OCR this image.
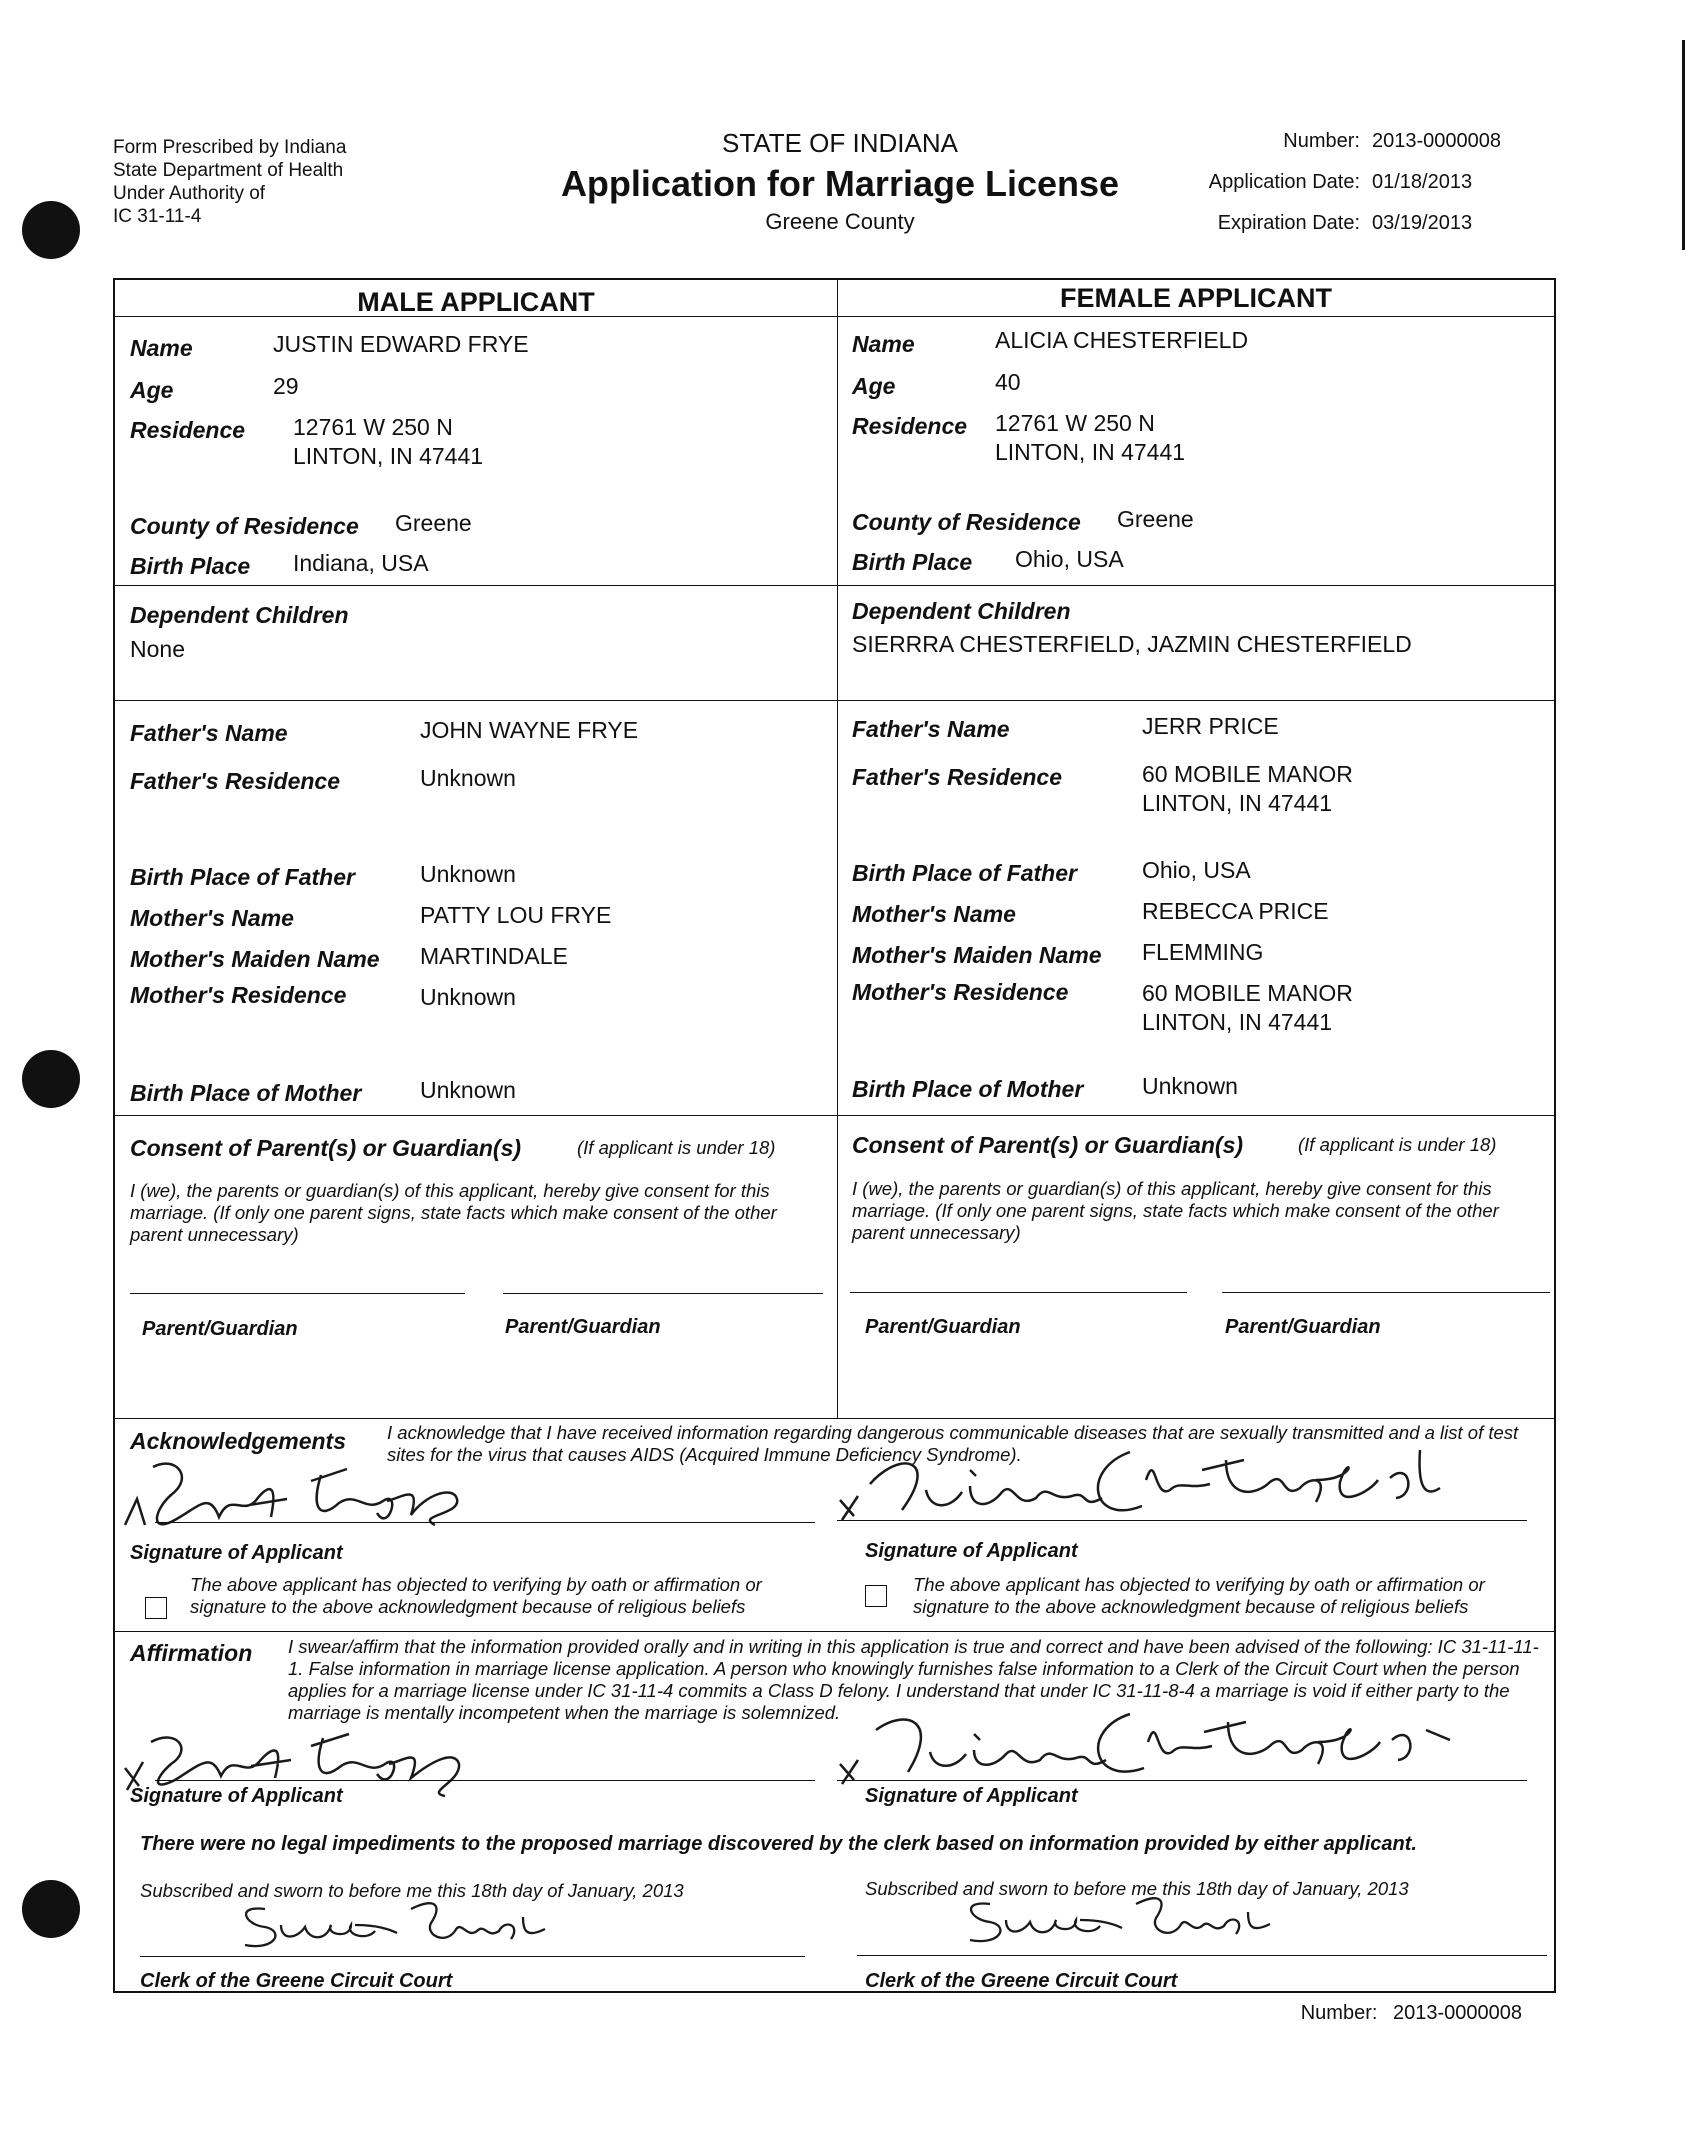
Form Prescribed by Indiana
State Department of Health
Under Authority of
IC 31-11-4
STATE OF INDIANA
Application for Marriage License
Greene County
Number: 2013-0000008
Application Date: 01/18/2013
Expiration Date: 03/19/2013
MALE APPLICANT	FEMALE APPLICANT
Name	JUSTIN EDWARD FRYE
Age	29
Residence 12761 W 250 N
LINTON, IN 47441
County of Residence Greene
Birth Place Indiana, USA
Dependent Children
None
Father's Name	JOHN WAYNE FRYE
Father's Residence	Unknown
Birth Place of Father	Unknown
Mother's Name	PATTY LOU FRYE
Mother's Maiden Name MARTINDALE
Mother's Residence	Unknown
Birth Place of Mother	Unknown
Name	ALICIA CHESTERFIELD
Age	40
Residence 12761 W 250 N
LINTON, IN 47441
County of Residence Greene
Birth Place Ohio, USA
Dependent Children
SIERRRA CHESTERFIELD, JAZMIN CHESTERFIELD
Father's Name	JERR PRICE
Father's Residence	60 MOBILE MANOR
LINTON, IN 47441
Birth Place of Father	Ohio, USA
Mother's Name	REBECCA PRICE
Mother's Maiden Name FLEMMING
Mother's Residence	60 MOBILE MANOR
LINTON, IN 47441
Birth Place of Mother	Unknown
Consent of Parent(s) or Guardian(s)	(If applicant is under 18)
I (we), the parents or guardian(s) of this applicant, hereby give consent for this marriage. (If only one parent signs, state facts which make consent of the other parent unnecessary)
Parent/Guardian	Parent/Guardian
Consent of Parent(s) or Guardian(s)	(If applicant is under 18)
I (we), the parents or guardian(s) of this applicant, hereby give consent for this marriage. (If only one parent signs, state facts which make consent of the other parent unnecessary)
Parent/Guardian	Parent/Guardian
Acknowledgements I acknowledge that I have received information regarding dangerous communicable diseases that are sexually transmitted and a list of test sites for the virus that causes AIDS (Acquired Immune Deficiency Syndrome).
Signature of Applicant
The above applicant has objected to verifying by oath or affirmation or signature to the above acknowledgment because of religious beliefs
Signature of Applicant
The above applicant has objected to verifying by oath or affirmation or signature to the above acknowledgment because of religious beliefs
Affirmation I swear/affirm that the information provided orally and in writing in this application is true and correct and have been advised of the following: IC 31-11-11-1. False information in marriage license application. A person who knowingly furnishes false information to a Clerk of the Circuit Court when the person applies for a marriage license under IC 31-11-4 commits a Class D felony. I understand that under IC 31-11-8-4 a marriage is void if either party to the marriage is mentally incompetent when the marriage is solemnized.
Signature of Applicant	Signature of Applicant
There were no legal impediments to the proposed marriage discovered by the clerk based on information provided by either applicant.
Subscribed and sworn to before me this 18th day of January, 2013
Clerk of the Greene Circuit Court
Subscribed and sworn to before me this 18th day of January, 2013
Clerk of the Greene Circuit Court
Number: 2013-0000008
